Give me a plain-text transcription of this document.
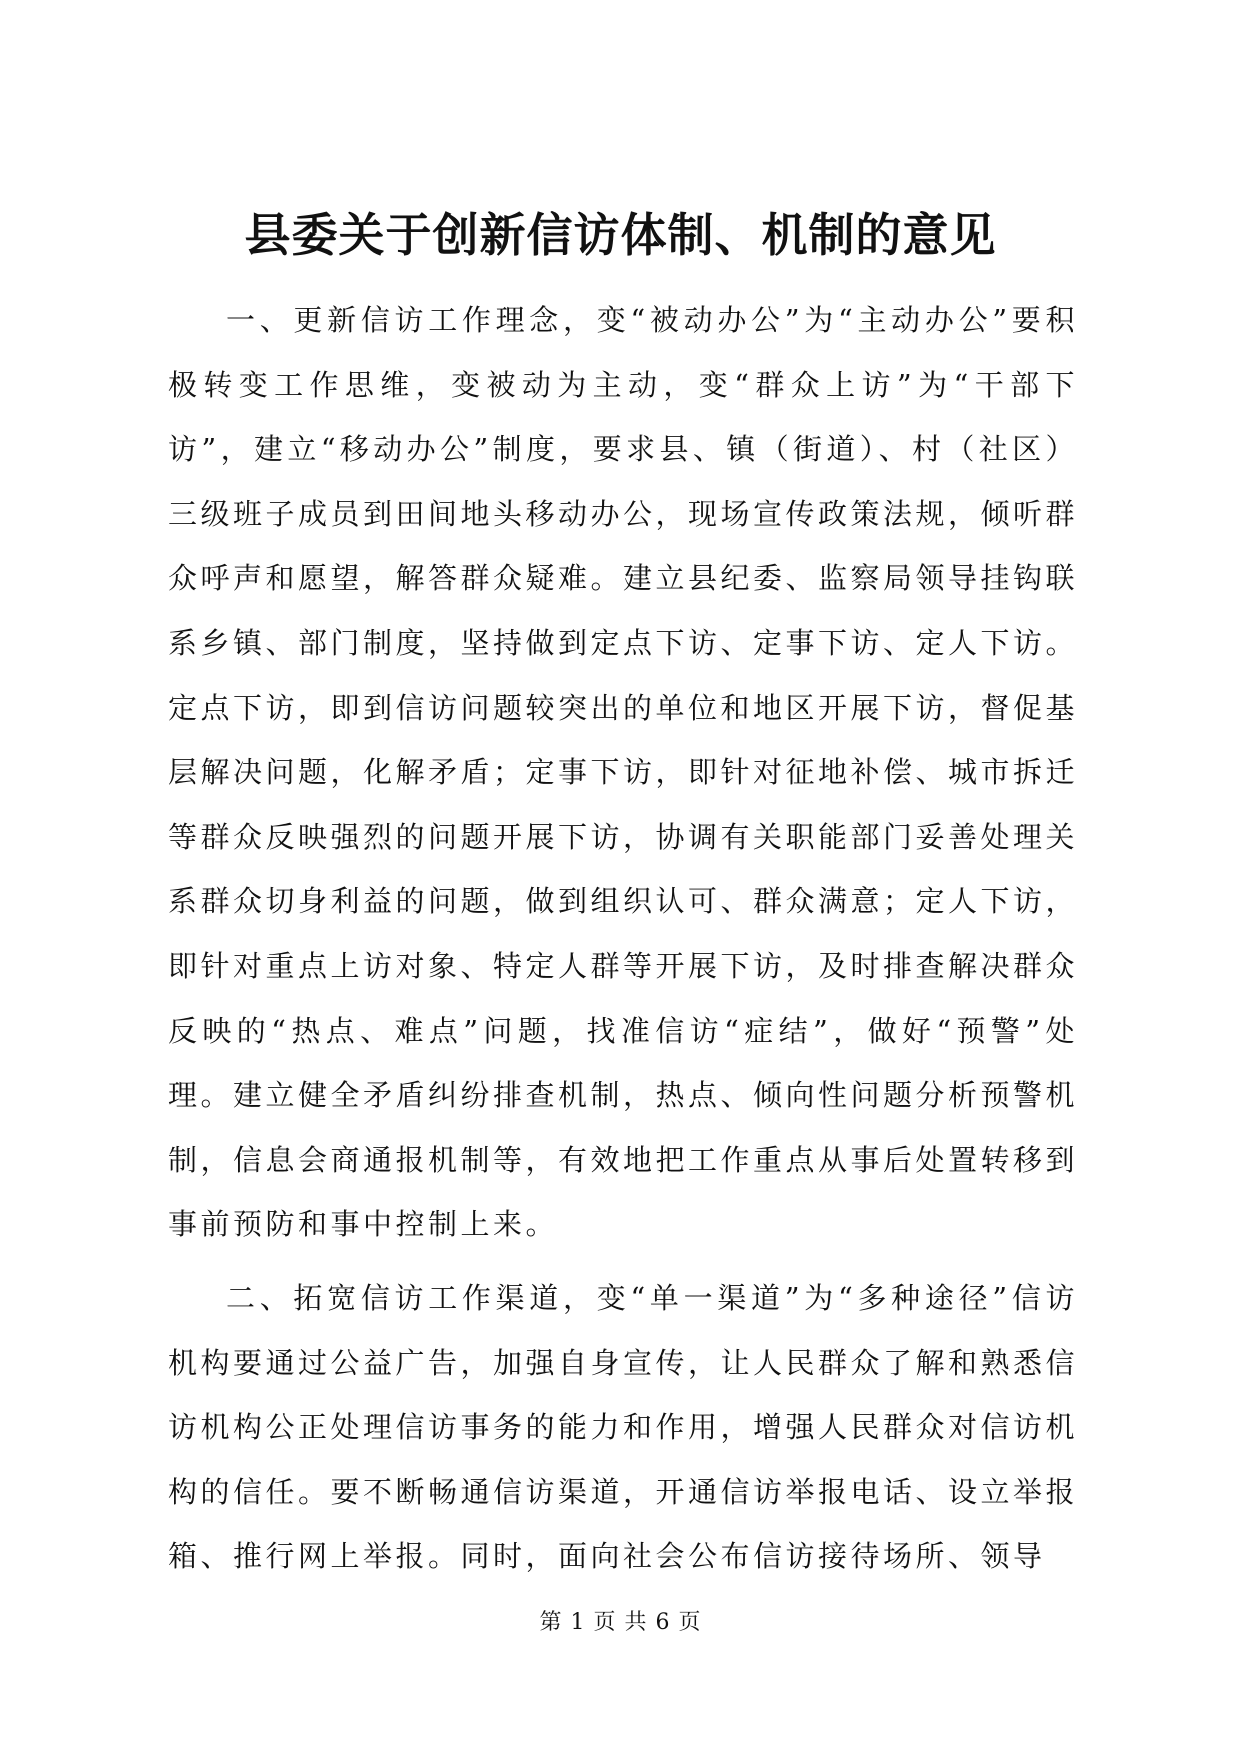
县委关于创新信访体制、机制的意见

一、更新信访工作理念，变“被动办公”为“主动办公”要积极转变工作思维，变被动为主动，变“群众上访”为“干部下访”，建立“移动办公”制度，要求县、镇（街道）、村（社区）三级班子成员到田间地头移动办公，现场宣传政策法规，倾听群众呼声和愿望，解答群众疑难。建立县纪委、监察局领导挂钩联系乡镇、部门制度，坚持做到定点下访、定事下访、定人下访。定点下访，即到信访问题较突出的单位和地区开展下访，督促基层解决问题，化解矛盾；定事下访，即针对征地补偿、城市拆迁等群众反映强烈的问题开展下访，协调有关职能部门妥善处理关系群众切身利益的问题，做到组织认可、群众满意；定人下访，即针对重点上访对象、特定人群等开展下访，及时排查解决群众反映的“热点、难点”问题，找准信访“症结”，做好“预警”处理。建立健全矛盾纠纷排查机制，热点、倾向性问题分析预警机制，信息会商通报机制等，有效地把工作重点从事后处置转移到事前预防和事中控制上来。

二、拓宽信访工作渠道，变“单一渠道”为“多种途径”信访机构要通过公益广告，加强自身宣传，让人民群众了解和熟悉信访机构公正处理信访事务的能力和作用，增强人民群众对信访机构的信任。要不断畅通信访渠道，开通信访举报电话、设立举报箱、推行网上举报。同时，面向社会公布信访接待场所、领导

第 1 页 共 6 页
